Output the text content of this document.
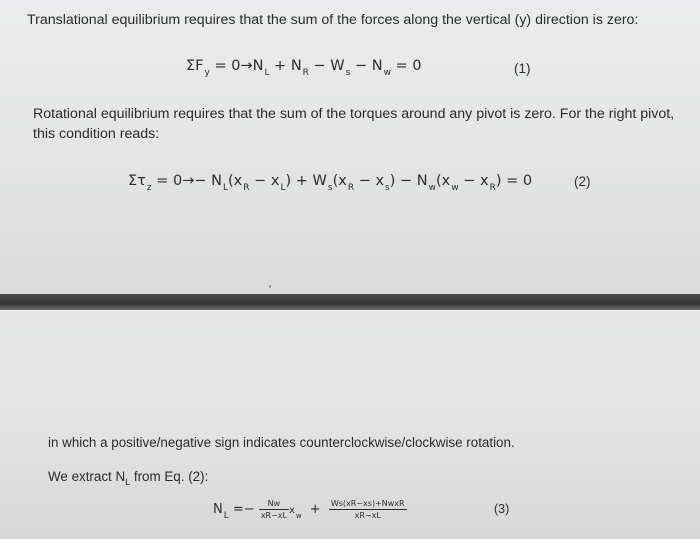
Translational equilibrium requires that the sum of the forces along the vertical (y) direction is zero:

$\Sigma F_y = 0\to N_L + N_R - W_s - N_w = 0$	(1)

Rotational equilibrium requires that the sum of the torques around any pivot is zero. For the right pivot, this condition reads:

$\Sigma\tau_z = 0\to- N_L(x_R - x_L) + W_s(x_R - x_s) - N_w(x_w - x_R) = 0$	(2)

in which a positive/negative sign indicates counterclockwise/clockwise rotation.

We extract $N_L$ from Eq. (2):

$N_L =- \frac{Nw}{xR-xL} x_w + \frac{\text{Ws(xR−xs)+NwxR}}{xR-xL}$	(3)
